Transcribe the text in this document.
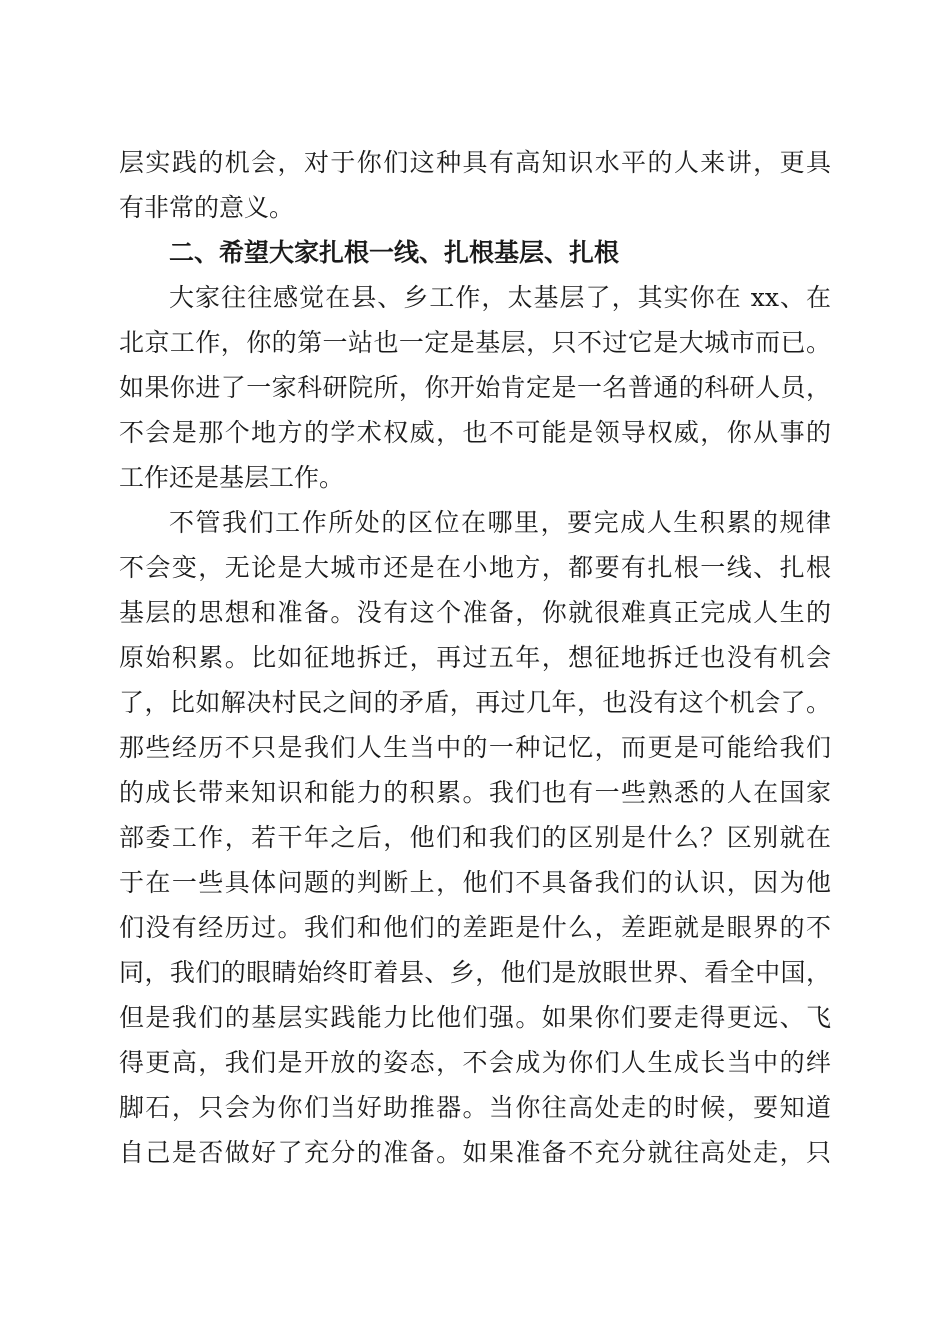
层实践的机会，对于你们这种具有高知识水平的人来讲，更具
有非常的意义。
二、希望大家扎根一线、扎根基层、扎根
大家往往感觉在县、乡工作，太基层了，其实你在 xx、在
北京工作，你的第一站也一定是基层，只不过它是大城市而已。
如果你进了一家科研院所，你开始肯定是一名普通的科研人员，
不会是那个地方的学术权威，也不可能是领导权威，你从事的
工作还是基层工作。
不管我们工作所处的区位在哪里，要完成人生积累的规律
不会变，无论是大城市还是在小地方，都要有扎根一线、扎根
基层的思想和准备。没有这个准备，你就很难真正完成人生的
原始积累。比如征地拆迁，再过五年，想征地拆迁也没有机会
了，比如解决村民之间的矛盾，再过几年，也没有这个机会了。
那些经历不只是我们人生当中的一种记忆，而更是可能给我们
的成长带来知识和能力的积累。我们也有一些熟悉的人在国家
部委工作，若干年之后，他们和我们的区别是什么？区别就在
于在一些具体问题的判断上，他们不具备我们的认识，因为他
们没有经历过。我们和他们的差距是什么，差距就是眼界的不
同，我们的眼睛始终盯着县、乡，他们是放眼世界、看全中国，
但是我们的基层实践能力比他们强。如果你们要走得更远、飞
得更高，我们是开放的姿态，不会成为你们人生成长当中的绊
脚石，只会为你们当好助推器。当你往高处走的时候，要知道
自己是否做好了充分的准备。如果准备不充分就往高处走，只
